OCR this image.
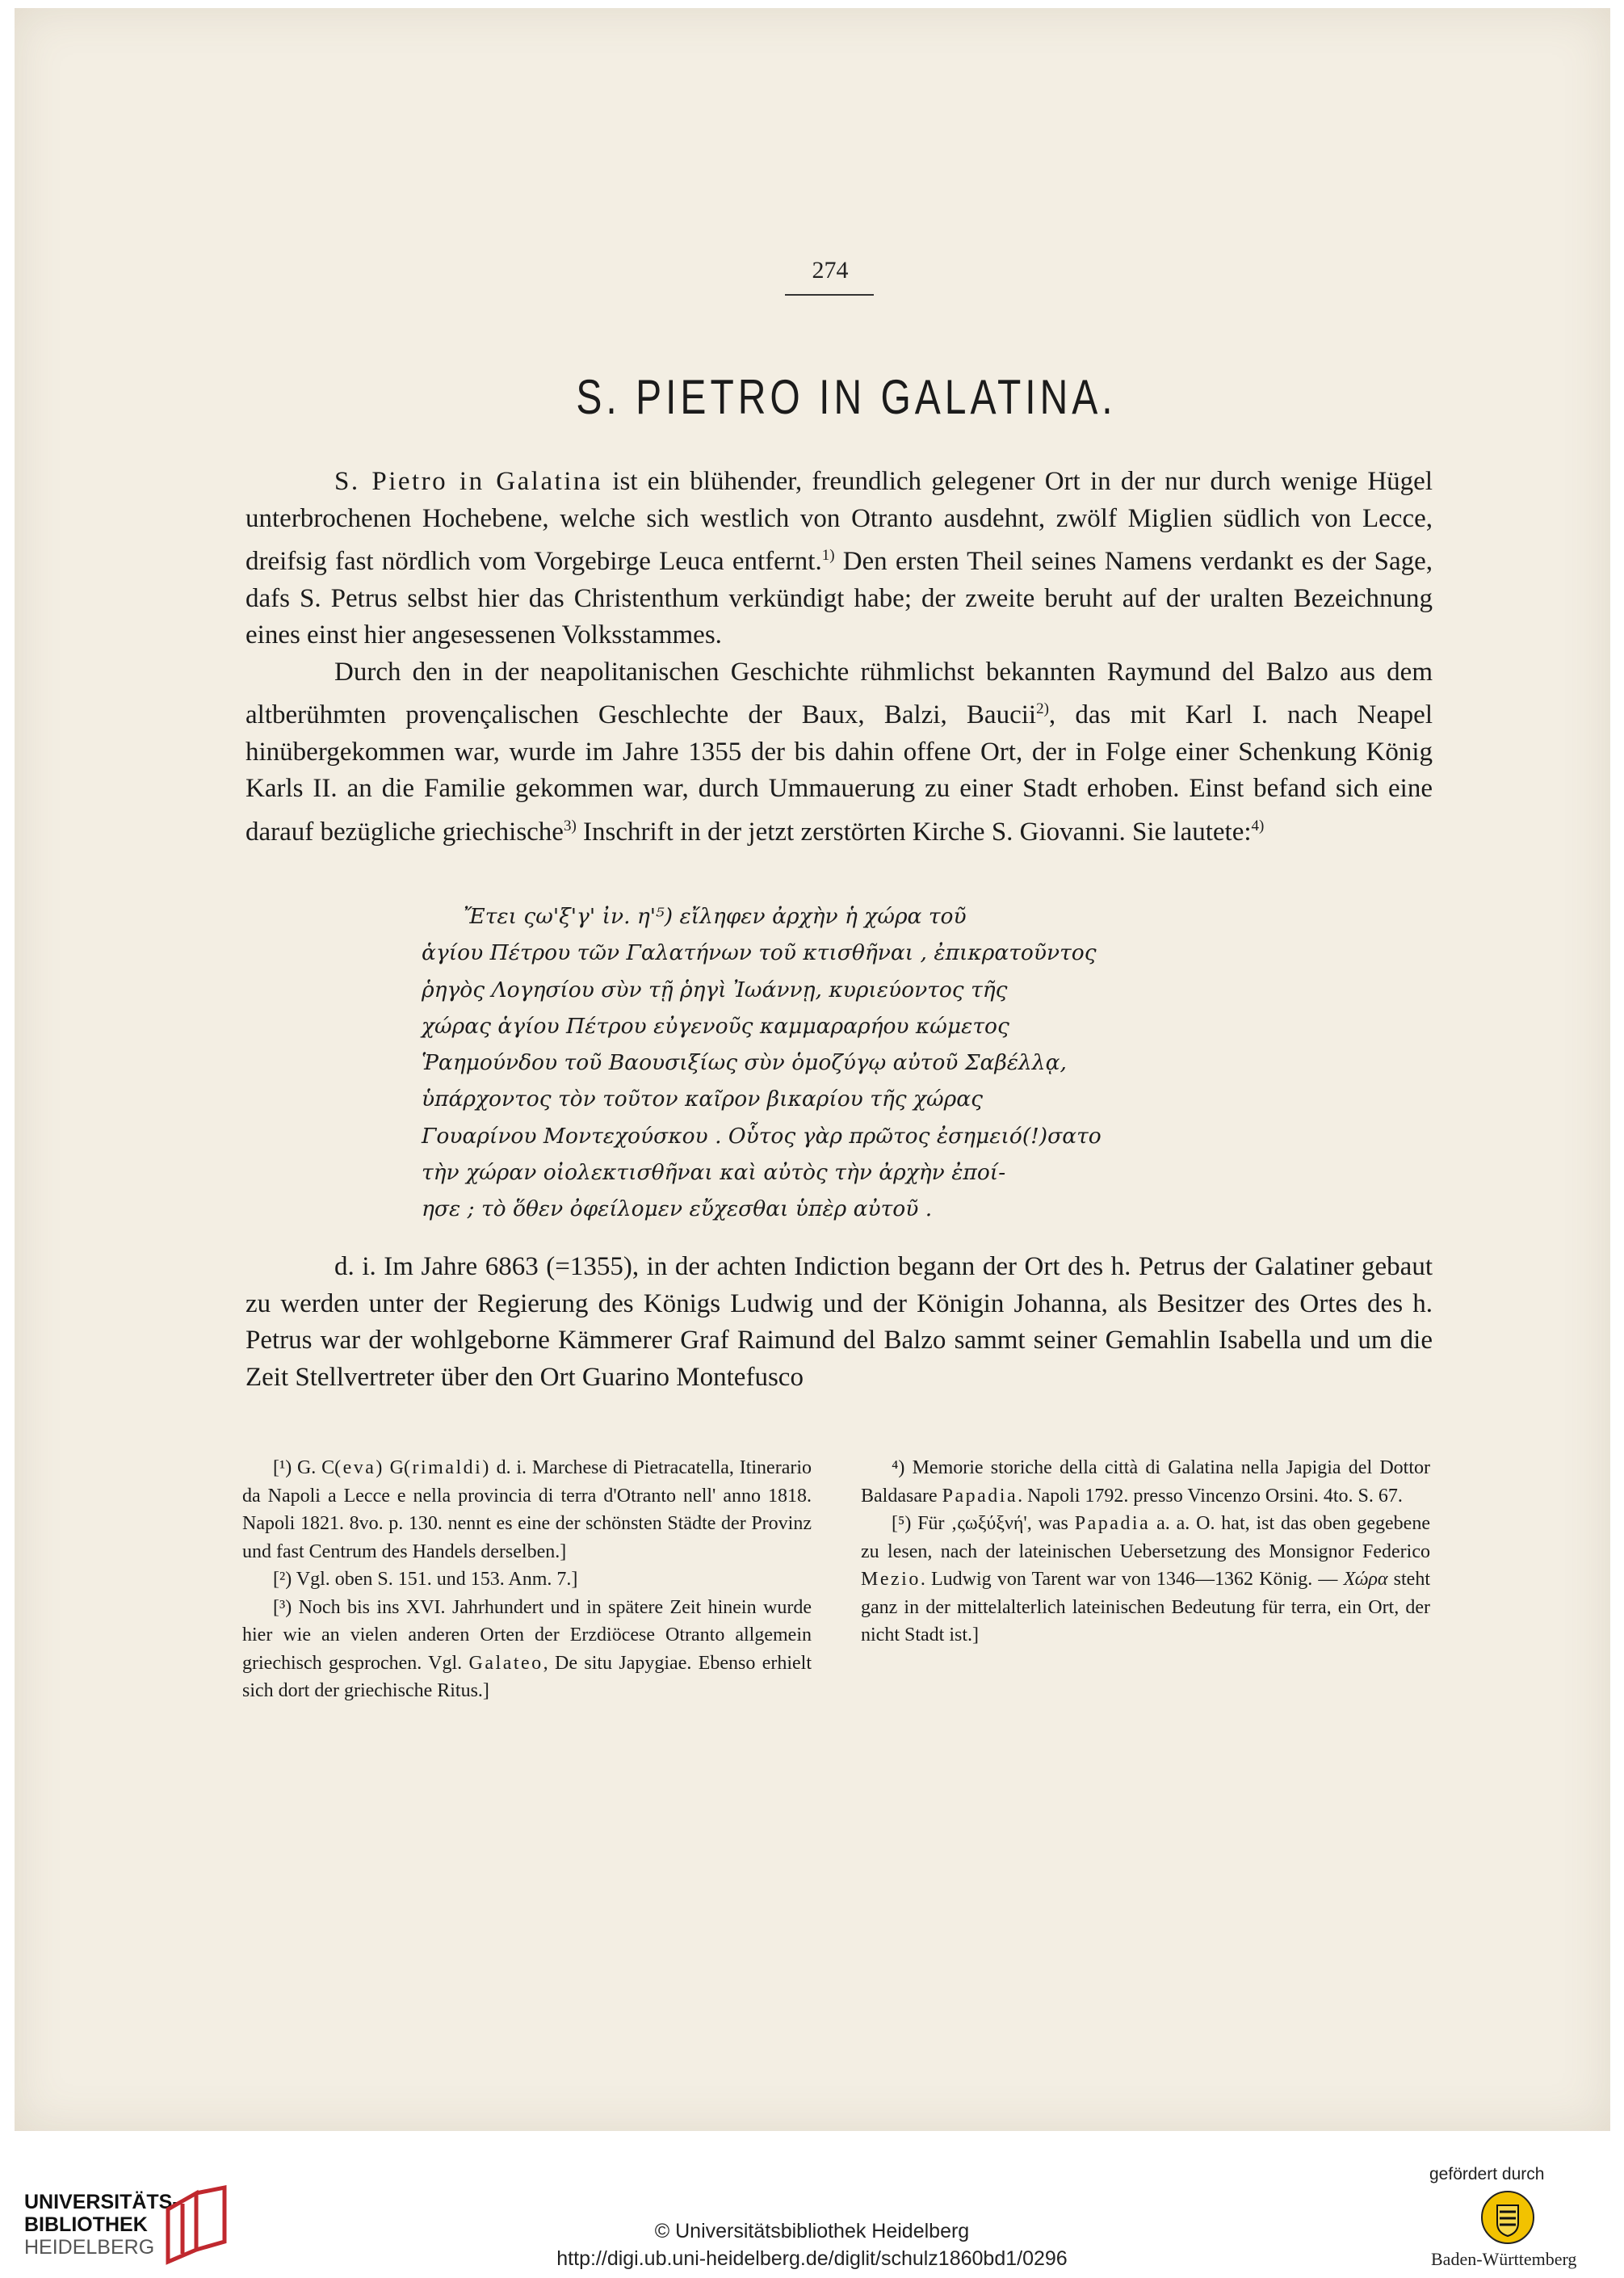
274
S. PIETRO IN GALATINA.

S. Pietro in Galatina ist ein blühender, freundlich gelegener Ort in der nur durch wenige Hügel unterbrochenen Hochebene, welche sich westlich von Otranto ausdehnt, zwölf Miglien südlich von Lecce, dreifsig fast nördlich vom Vorgebirge Leuca entfernt.$^{1)}$ Den ersten Theil seines Namens verdankt es der Sage, dafs S. Petrus selbst hier das Christenthum verkündigt habe; der zweite beruht auf der uralten Bezeichnung eines einst hier angesessenen Volksstammes.

Durch den in der neapolitanischen Geschichte rühmlichst bekannten Raymund del Balzo aus dem altberühmten provençalischen Geschlechte der Baux, Balzi, Baucii$^{2)}$, das mit Karl I. nach Neapel hinübergekommen war, wurde im Jahre 1355 der bis dahin offene Ort, der in Folge einer Schenkung König Karls II. an die Familie gekommen war, durch Ummauerung zu einer Stadt erhoben. Einst befand sich eine darauf bezügliche griechische$^{3)}$ Inschrift in der jetzt zerstörten Kirche S. Giovanni. Sie lautete:$^{4)}$

Ἔτει ςω'ξ'γ' ἰν. η'⁵) εἴληφεν ἀρχὴν ἡ χώρα τοῦ
ἁγίου Πέτρου τῶν Γαλατήνων τοῦ κτισθῆναι , ἐπικρατοῦντος
ῥηγὸς Λογησίου σὺν τῇ ῥηγὶ Ἰωάννῃ, κυριεύοντος τῆς
χώρας ἁγίου Πέτρου εὐγενοῦς καμμαραρήου κώμετος
Ῥαημούνδου τοῦ Βαουσιξίως σὺν ὁμοζύγῳ αὐτοῦ Σαβέλλᾳ,
ὑπάρχοντος τὸν τοῦτον καῖρον βικαρίου τῆς χώρας
Γουαρίνου Μοντεχούσκου . Οὗτος γὰρ πρῶτος ἐσημειό(!)σατο
τὴν χώραν οἰολεκτισθῆναι καὶ αὐτὸς τὴν ἀρχὴν ἐποί-
ησε ; τὸ ὅθεν ὀφείλομεν εὔχεσθαι ὑπὲρ αὐτοῦ .

d. i. Im Jahre 6863 (=1355), in der achten Indiction begann der Ort des h. Petrus der Galatiner gebaut zu werden unter der Regierung des Königs Ludwig und der Königin Johanna, als Besitzer des Ortes des h. Petrus war der wohlgeborne Kämmerer Graf Raimund del Balzo sammt seiner Gemahlin Isabella und um die Zeit Stellvertreter über den Ort Guarino Montefusco

[¹) G. C(eva) G(rimaldi) d. i. Marchese di Pietracatella, Itinerario da Napoli a Lecce e nella provincia di terra d'Otranto nell' anno 1818. Napoli 1821. 8vo. p. 130. nennt es eine der schönsten Städte der Provinz und fast Centrum des Handels derselben.]

[²) Vgl. oben S. 151. und 153. Anm. 7.]

[³) Noch bis ins XVI. Jahrhundert und in spätere Zeit hinein wurde hier wie an vielen anderen Orten der Erzdiöcese Otranto allgemein griechisch gesprochen. Vgl. Galateo, De situ Japygiae. Ebenso erhielt sich dort der griechische Ritus.]

⁴) Memorie storiche della città di Galatina nella Japigia del Dottor Baldasare Papadia. Napoli 1792. presso Vincenzo Orsini. 4to. S. 67.

[⁵) Für ‚ςωξύξνή', was Papadia a. a. O. hat, ist das oben gegebene zu lesen, nach der lateinischen Uebersetzung des Monsignor Federico Mezio. Ludwig von Tarent war von 1346—1362 König. — Χώρα steht ganz in der mittelalterlich lateinischen Bedeutung für terra, ein Ort, der nicht Stadt ist.]

UNIVERSITÄTS-
BIBLIOTHEK
HEIDELBERG
gefördert durch
Baden-Württemberg
© Universitätsbibliothek Heidelberg
http://digi.ub.uni-heidelberg.de/diglit/schulz1860bd1/0296
